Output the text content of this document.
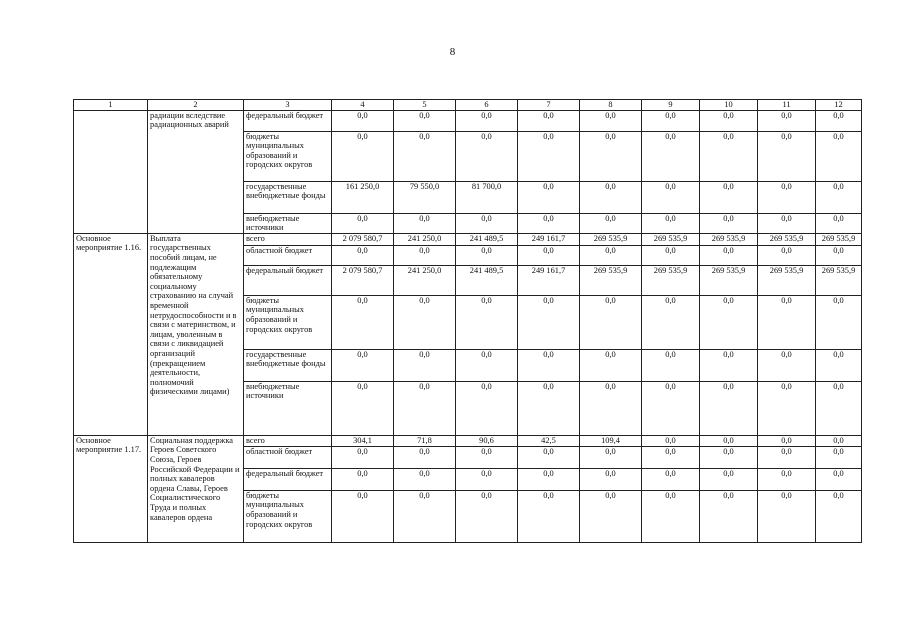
8
1	2	3	4	5	6	7	8	9	10	11	12
	радиации вследствие радиационных аварий	федеральный бюджет	0,0	0,0	0,0	0,0	0,0	0,0	0,0	0,0	0,0
		бюджеты муниципальных образований и городских округов	0,0	0,0	0,0	0,0	0,0	0,0	0,0	0,0	0,0
		государственные внебюджетные фонды	161 250,0	79 550,0	81 700,0	0,0	0,0	0,0	0,0	0,0	0,0
		внебюджетные источники	0,0	0,0	0,0	0,0	0,0	0,0	0,0	0,0	0,0
Основное мероприятие 1.16.	Выплата государственных пособий лицам, не подлежащим обязательному социальному страхованию на случай временной нетрудоспособности и в связи с материнством, и лицам, уволенным в связи с ликвидацией организаций (прекращением деятельности, полномочий физическими лицами)	всего	2 079 580,7	241 250,0	241 489,5	249 161,7	269 535,9	269 535,9	269 535,9	269 535,9	269 535,9
		областной бюджет	0,0	0,0	0,0	0,0	0,0	0,0	0,0	0,0	0,0
		федеральный бюджет	2 079 580,7	241 250,0	241 489,5	249 161,7	269 535,9	269 535,9	269 535,9	269 535,9	269 535,9
		бюджеты муниципальных образований и городских округов	0,0	0,0	0,0	0,0	0,0	0,0	0,0	0,0	0,0
		государственные внебюджетные фонды	0,0	0,0	0,0	0,0	0,0	0,0	0,0	0,0	0,0
		внебюджетные источники	0,0	0,0	0,0	0,0	0,0	0,0	0,0	0,0	0,0
Основное мероприятие 1.17.	Социальная поддержка Героев Советского Союза, Героев Российской Федерации и полных кавалеров ордена Славы, Героев Социалистического Труда и полных кавалеров ордена	всего	304,1	71,8	90,6	42,5	109,4	0,0	0,0	0,0	0,0
		областной бюджет	0,0	0,0	0,0	0,0	0,0	0,0	0,0	0,0	0,0
		федеральный бюджет	0,0	0,0	0,0	0,0	0,0	0,0	0,0	0,0	0,0
		бюджеты муниципальных образований и городских округов	0,0	0,0	0,0	0,0	0,0	0,0	0,0	0,0	0,0
